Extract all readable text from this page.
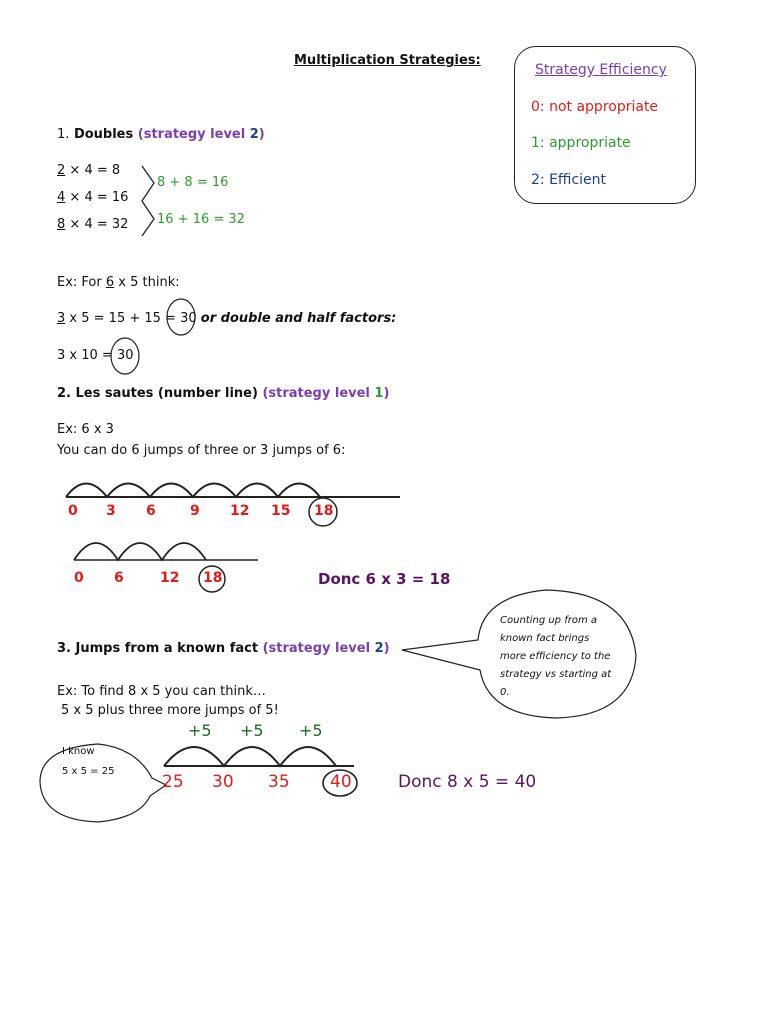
Multiplication Strategies:
Strategy Efficiency
0: not appropriate
1: appropriate
2: Efficient
1. Doubles (strategy level 2)
2 × 4 = 8
4 × 4 = 16
8 × 4 = 32
8 + 8 = 16
16 + 16 = 32
Ex: For 6 x 5 think:
3 x 5 = 15 + 15 = 30 or double and half factors:
3 x 10 = 30
2. Les sautes (number line) (strategy level 1)
Ex: 6 x 3
You can do 6 jumps of three or 3 jumps of 6:
0 3 6 9 12 15 18
0 6	12 18	Donc 6 x 3 = 18
3. Jumps from a known fact (strategy level 2)
Counting up from a known fact brings more efficiency to the strategy vs starting at 0.
Ex: To find 8 x 5 you can think…
5 x 5 plus three more jumps of 5!
+5 +5 +5
25 30 35 40	Donc 8 x 5 = 40
I know
5 x 5 = 25
